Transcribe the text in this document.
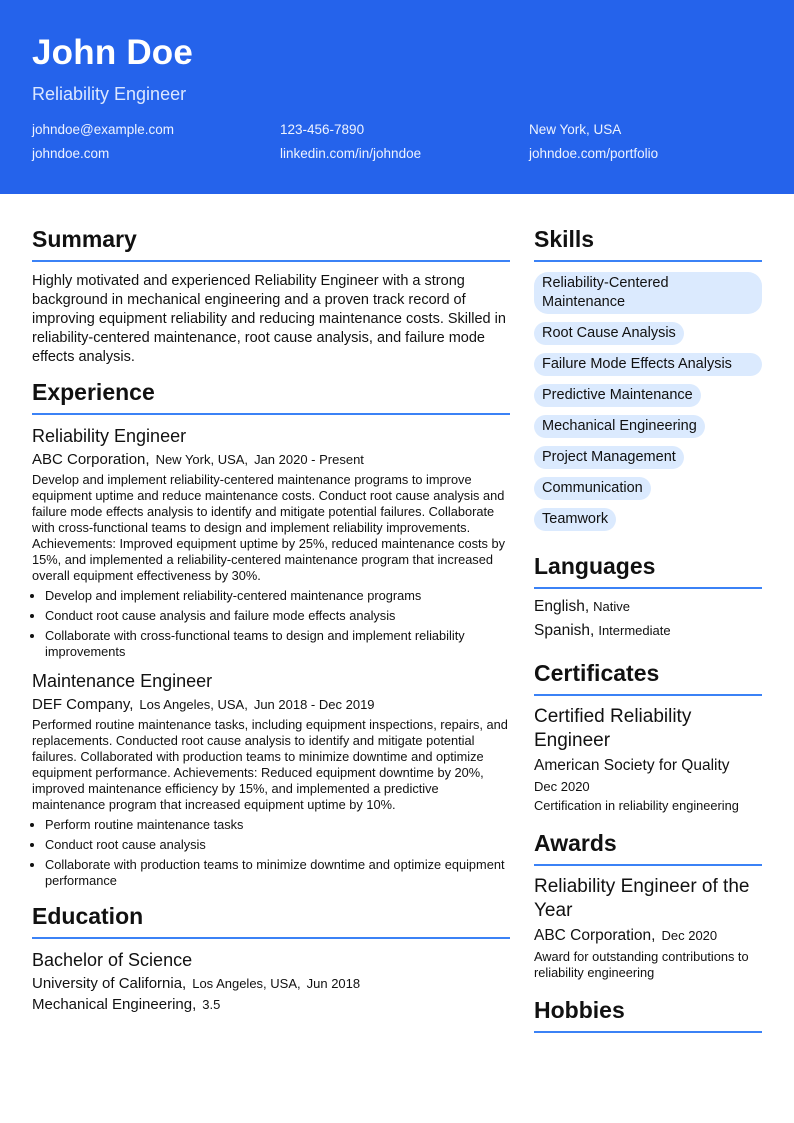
John Doe
Reliability Engineer
johndoe@example.com	123-456-7890	New York, USA
johndoe.com	linkedin.com/in/johndoe	johndoe.com/portfolio
Summary
Highly motivated and experienced Reliability Engineer with a strong background in mechanical engineering and a proven track record of improving equipment reliability and reducing maintenance costs. Skilled in reliability-centered maintenance, root cause analysis, and failure mode effects analysis.
Experience
Reliability Engineer
ABC Corporation, New York, USA, Jan 2020 - Present
Develop and implement reliability-centered maintenance programs to improve equipment uptime and reduce maintenance costs. Conduct root cause analysis and failure mode effects analysis to identify and mitigate potential failures. Collaborate with cross-functional teams to design and implement reliability improvements. Achievements: Improved equipment uptime by 25%, reduced maintenance costs by 15%, and implemented a reliability-centered maintenance program that increased overall equipment effectiveness by 30%.
• Develop and implement reliability-centered maintenance programs
• Conduct root cause analysis and failure mode effects analysis
• Collaborate with cross-functional teams to design and implement reliability improvements
Maintenance Engineer
DEF Company, Los Angeles, USA, Jun 2018 - Dec 2019
Performed routine maintenance tasks, including equipment inspections, repairs, and replacements. Conducted root cause analysis to identify and mitigate potential failures. Collaborated with production teams to minimize downtime and optimize equipment performance. Achievements: Reduced equipment downtime by 20%, improved maintenance efficiency by 15%, and implemented a predictive maintenance program that increased equipment uptime by 10%.
• Perform routine maintenance tasks
• Conduct root cause analysis
• Collaborate with production teams to minimize downtime and optimize equipment performance
Education
Bachelor of Science
University of California, Los Angeles, USA, Jun 2018
Mechanical Engineering, 3.5
Skills
Reliability-Centered Maintenance
Root Cause Analysis
Failure Mode Effects Analysis
Predictive Maintenance
Mechanical Engineering
Project Management
Communication
Teamwork
Languages
English, Native
Spanish, Intermediate
Certificates
Certified Reliability Engineer
American Society for Quality
Dec 2020
Certification in reliability engineering
Awards
Reliability Engineer of the Year
ABC Corporation, Dec 2020
Award for outstanding contributions to reliability engineering
Hobbies
